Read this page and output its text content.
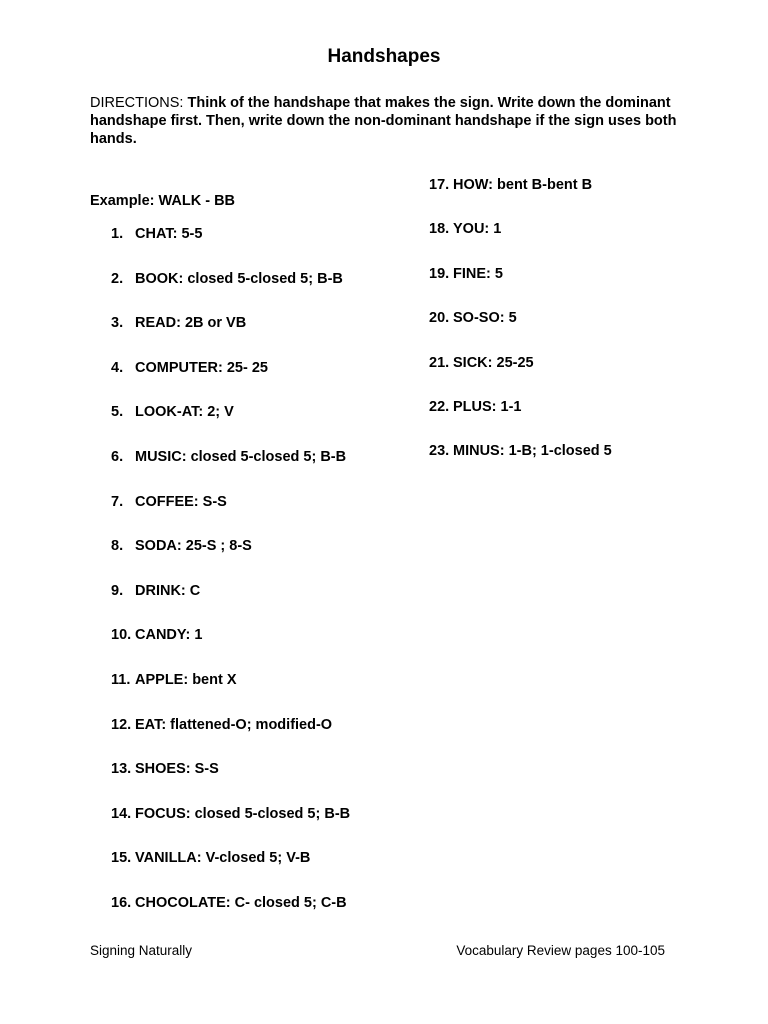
Handshapes
DIRECTIONS: Think of the handshape that makes the sign. Write down the dominant handshape first. Then, write down the non-dominant handshape if the sign uses both hands.
Example: WALK - BB
1. CHAT: 5-5
2. BOOK: closed 5-closed 5; B-B
3. READ: 2B or VB
4. COMPUTER: 25- 25
5. LOOK-AT: 2; V
6. MUSIC: closed 5-closed 5; B-B
7. COFFEE: S-S
8. SODA: 25-S ; 8-S
9. DRINK: C
10. CANDY: 1
11. APPLE: bent X
12. EAT: flattened-O; modified-O
13. SHOES: S-S
14. FOCUS: closed 5-closed 5; B-B
15. VANILLA: V-closed 5; V-B
16. CHOCOLATE: C- closed 5; C-B
17. HOW: bent B-bent B
18. YOU: 1
19. FINE: 5
20. SO-SO: 5
21. SICK: 25-25
22. PLUS: 1-1
23. MINUS: 1-B; 1-closed 5
Signing Naturally	Vocabulary Review pages 100-105
